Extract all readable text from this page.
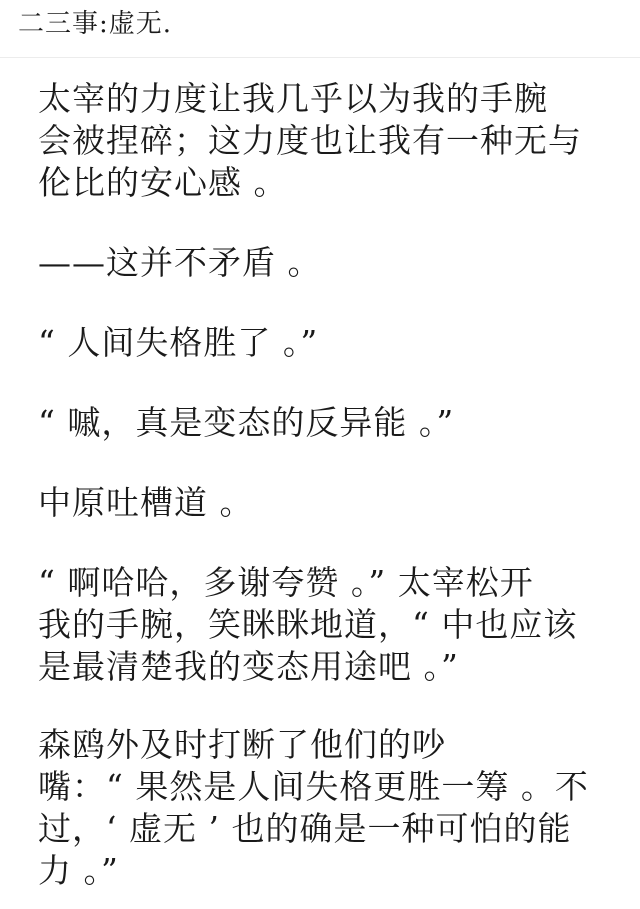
二三事:虚无.

太宰的力度让我几乎以为我的手腕
会被捏碎；这力度也让我有一种无与
伦比的安心感 。

——这并不矛盾 。

“ 人间失格胜了 。”

“ 嘁，真是变态的反异能 。”

中原吐槽道 。

“ 啊哈哈，多谢夸赞 。” 太宰松开
我的手腕，笑眯眯地道，“ 中也应该
是最清楚我的变态用途吧 。”

森鸥外及时打断了他们的吵
嘴：“ 果然是人间失格更胜一筹 。不
过，‘ 虚无 ’ 也的确是一种可怕的能
力 。”
